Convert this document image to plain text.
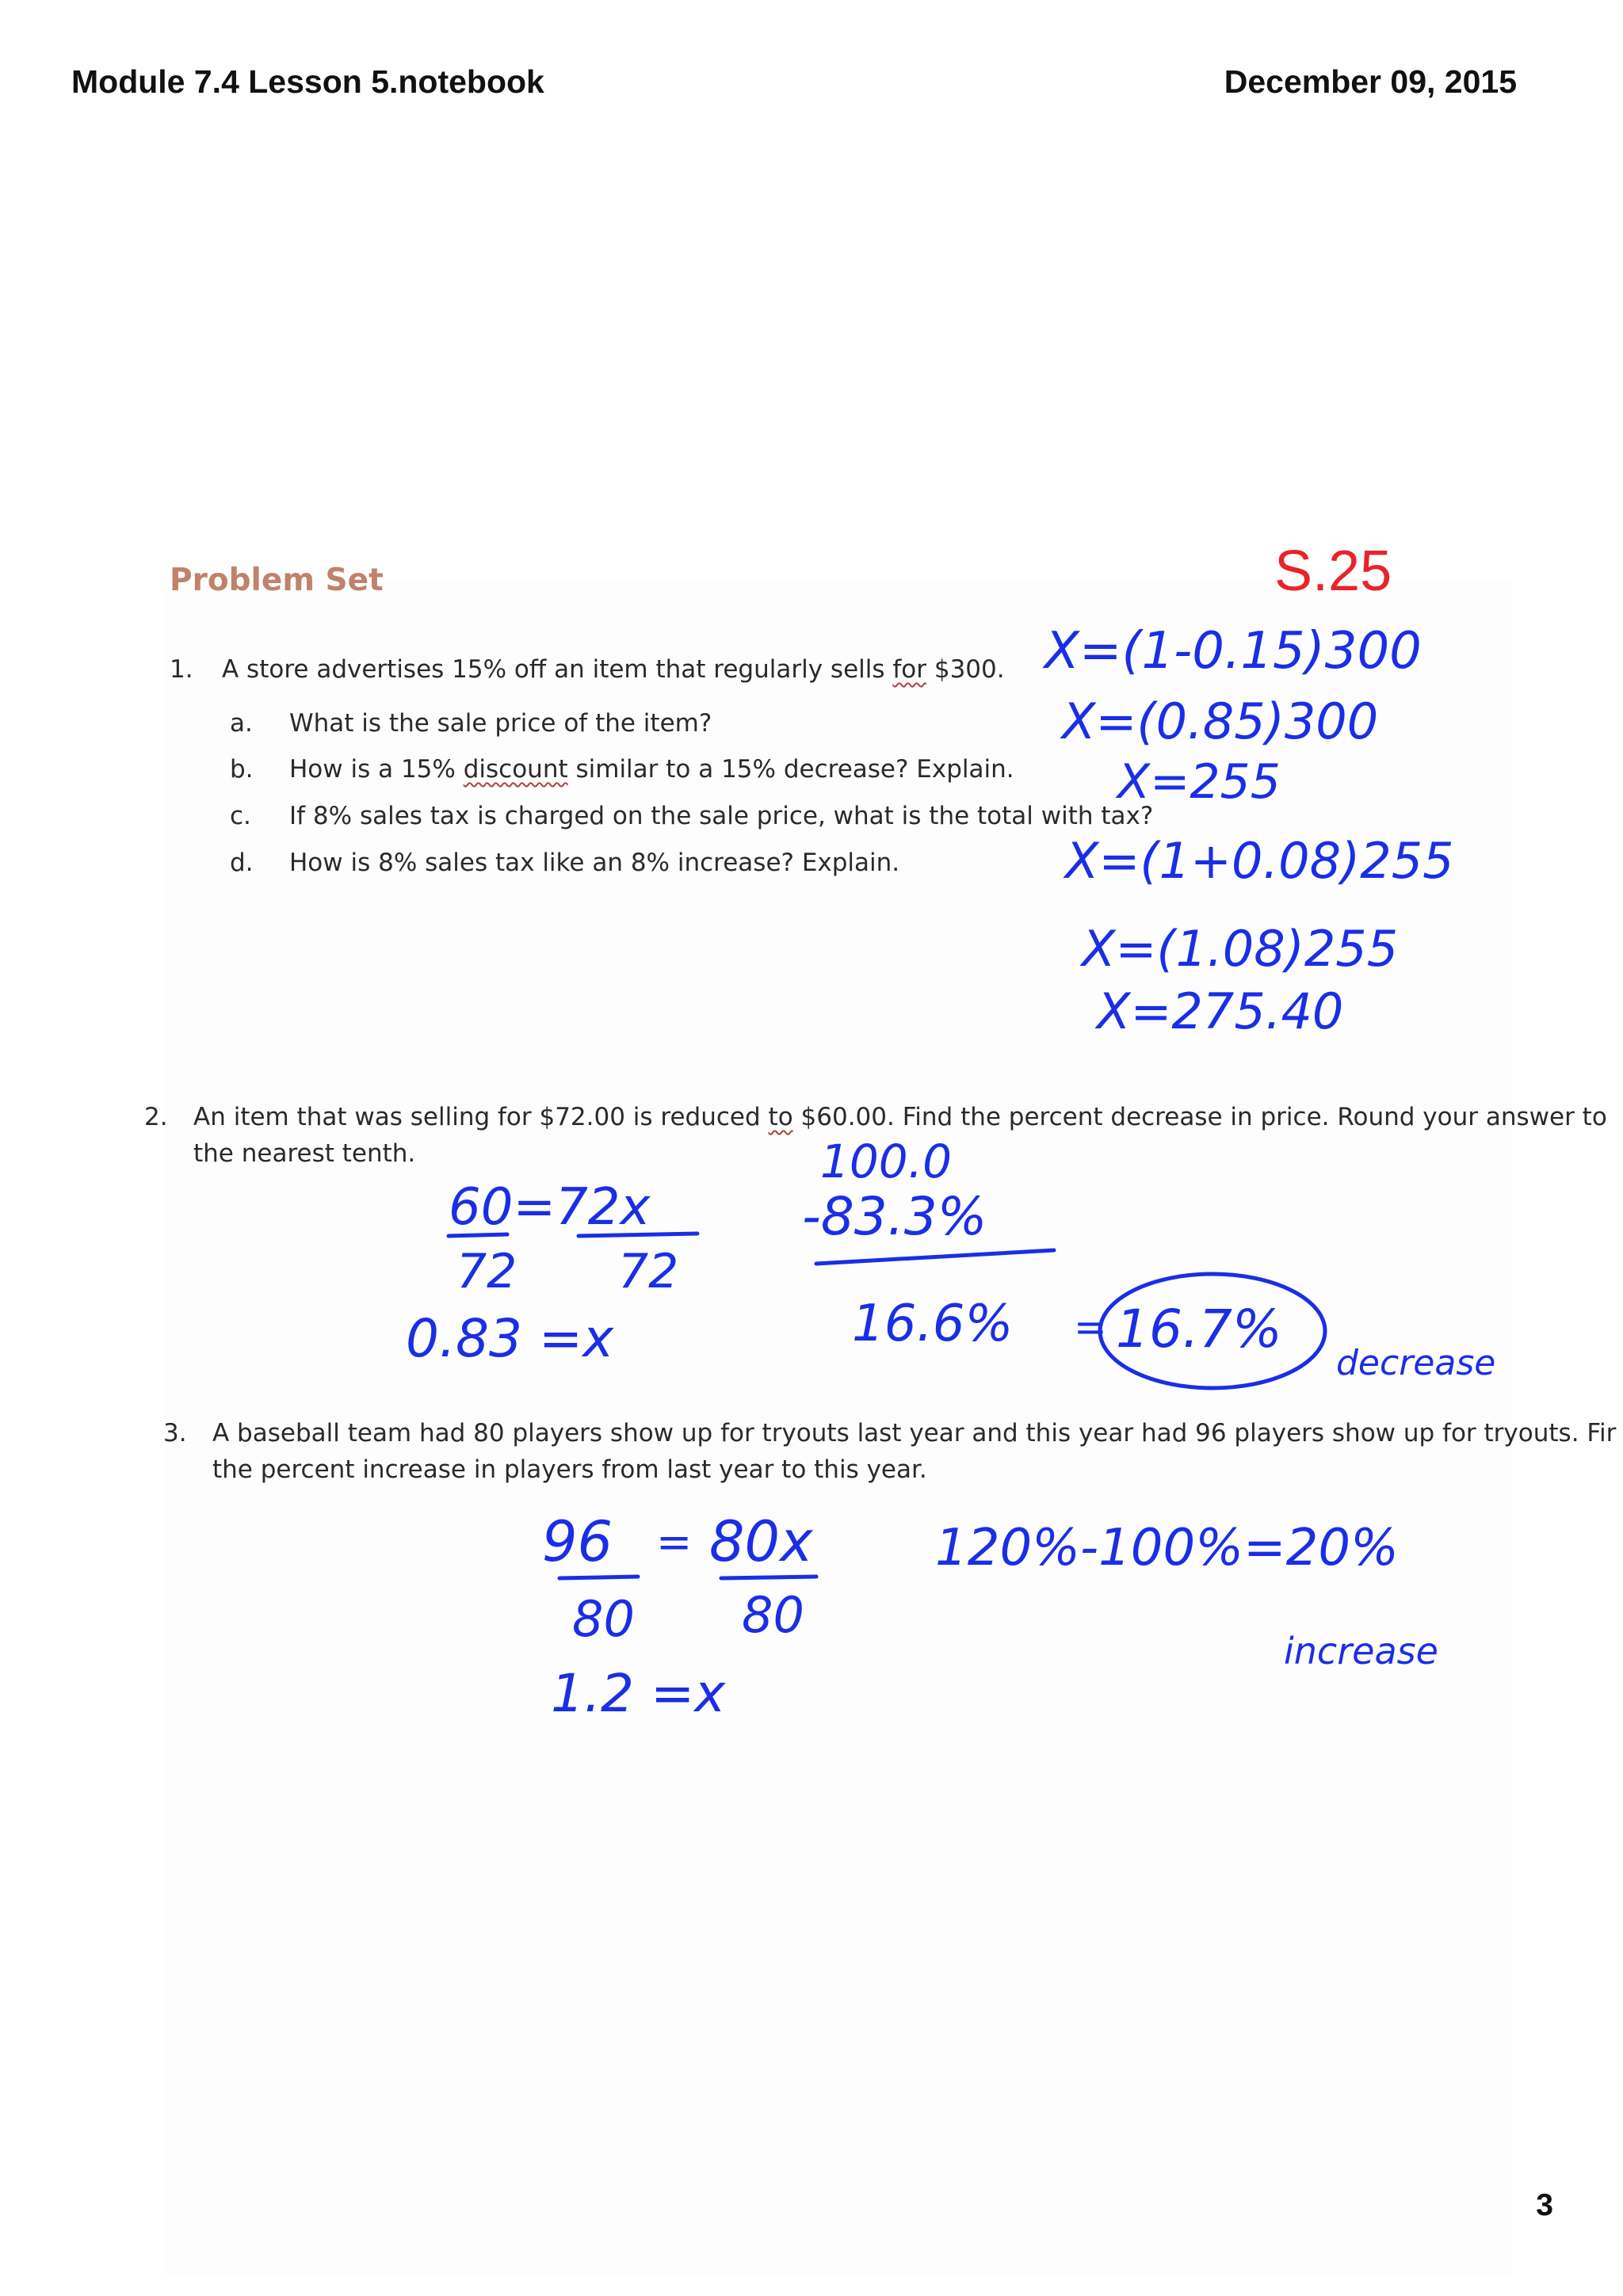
Module 7.4 Lesson 5.notebook	December 09, 2015
Problem Set	S.25
1. A store advertises 15% off an item that regularly sells for $300.
a. What is the sale price of the item?
b. How is a 15% discount similar to a 15% decrease? Explain.
c. If 8% sales tax is charged on the sale price, what is the total with tax?
d. How is 8% sales tax like an 8% increase? Explain.
2. An item that was selling for $72.00 is reduced to $60.00. Find the percent decrease in price. Round your answer to
the nearest tenth.
3. A baseball team had 80 players show up for tryouts last year and this year had 96 players show up for tryouts. Fir
the percent increase in players from last year to this year.
X=(1-0.15)300
X=(0.85)300
X=255
X=(1+0.08)255
X=(1.08)255
X=275.40
60=72x
72 72
0.83 =x
100.0
-83.3%
16.6% = 16.7%
decrease
96 = 80x
80 80
1.2 =x
120%-100%=20%
increase
3
